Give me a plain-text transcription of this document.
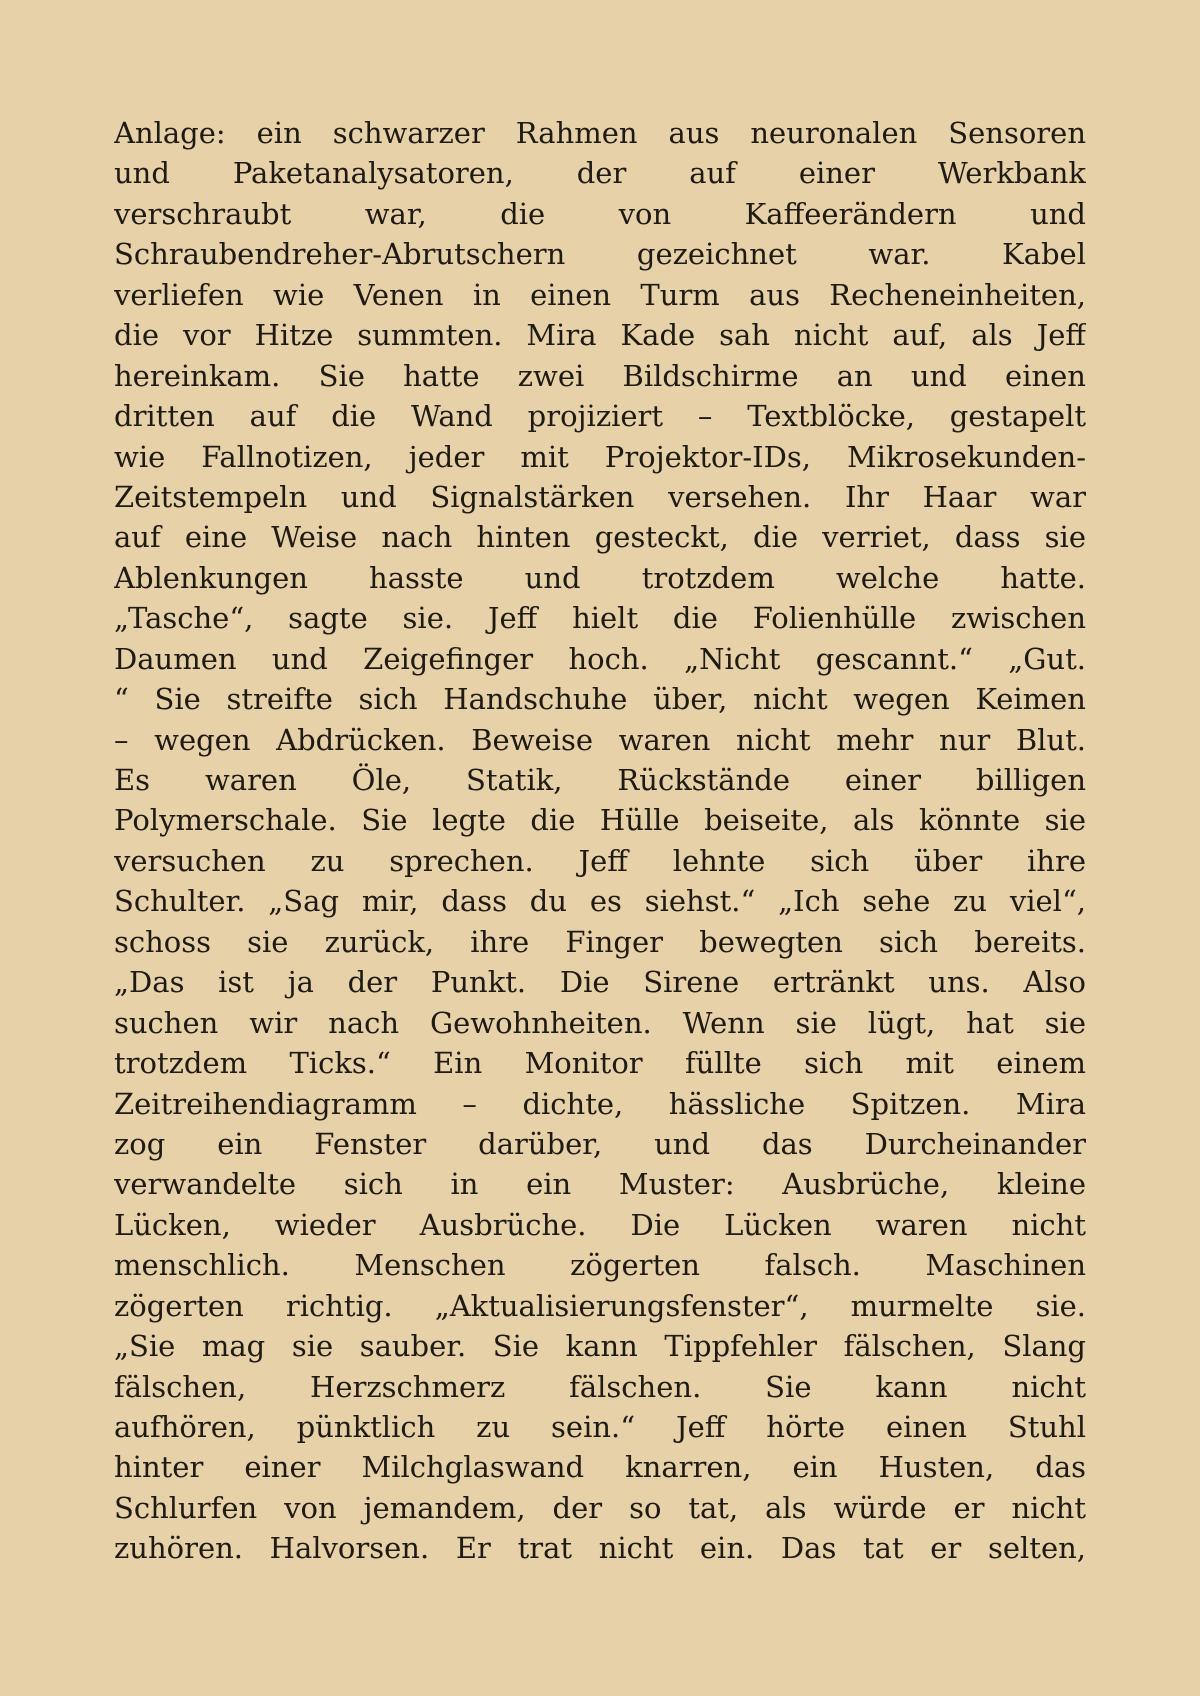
Anlage: ein schwarzer Rahmen aus neuronalen Sensoren
und Paketanalysatoren, der auf einer Werkbank
verschraubt war, die von Kaffeerändern und
Schraubendreher-Abrutschern gezeichnet war. Kabel
verliefen wie Venen in einen Turm aus Recheneinheiten,
die vor Hitze summten. Mira Kade sah nicht auf, als Jeff
hereinkam. Sie hatte zwei Bildschirme an und einen
dritten auf die Wand projiziert – Textblöcke, gestapelt
wie Fallnotizen, jeder mit Projektor-IDs, Mikrosekunden-
Zeitstempeln und Signalstärken versehen. Ihr Haar war
auf eine Weise nach hinten gesteckt, die verriet, dass sie
Ablenkungen hasste und trotzdem welche hatte.
„Tasche“, sagte sie. Jeff hielt die Folienhülle zwischen
Daumen und Zeigefinger hoch. „Nicht gescannt.“ „Gut.
“ Sie streifte sich Handschuhe über, nicht wegen Keimen
– wegen Abdrücken. Beweise waren nicht mehr nur Blut.
Es waren Öle, Statik, Rückstände einer billigen
Polymerschale. Sie legte die Hülle beiseite, als könnte sie
versuchen zu sprechen. Jeff lehnte sich über ihre
Schulter. „Sag mir, dass du es siehst.“ „Ich sehe zu viel“,
schoss sie zurück, ihre Finger bewegten sich bereits.
„Das ist ja der Punkt. Die Sirene ertränkt uns. Also
suchen wir nach Gewohnheiten. Wenn sie lügt, hat sie
trotzdem Ticks.“ Ein Monitor füllte sich mit einem
Zeitreihendiagramm – dichte, hässliche Spitzen. Mira
zog ein Fenster darüber, und das Durcheinander
verwandelte sich in ein Muster: Ausbrüche, kleine
Lücken, wieder Ausbrüche. Die Lücken waren nicht
menschlich. Menschen zögerten falsch. Maschinen
zögerten richtig. „Aktualisierungsfenster“, murmelte sie.
„Sie mag sie sauber. Sie kann Tippfehler fälschen, Slang
fälschen, Herzschmerz fälschen. Sie kann nicht
aufhören, pünktlich zu sein.“ Jeff hörte einen Stuhl
hinter einer Milchglaswand knarren, ein Husten, das
Schlurfen von jemandem, der so tat, als würde er nicht
zuhören. Halvorsen. Er trat nicht ein. Das tat er selten,
